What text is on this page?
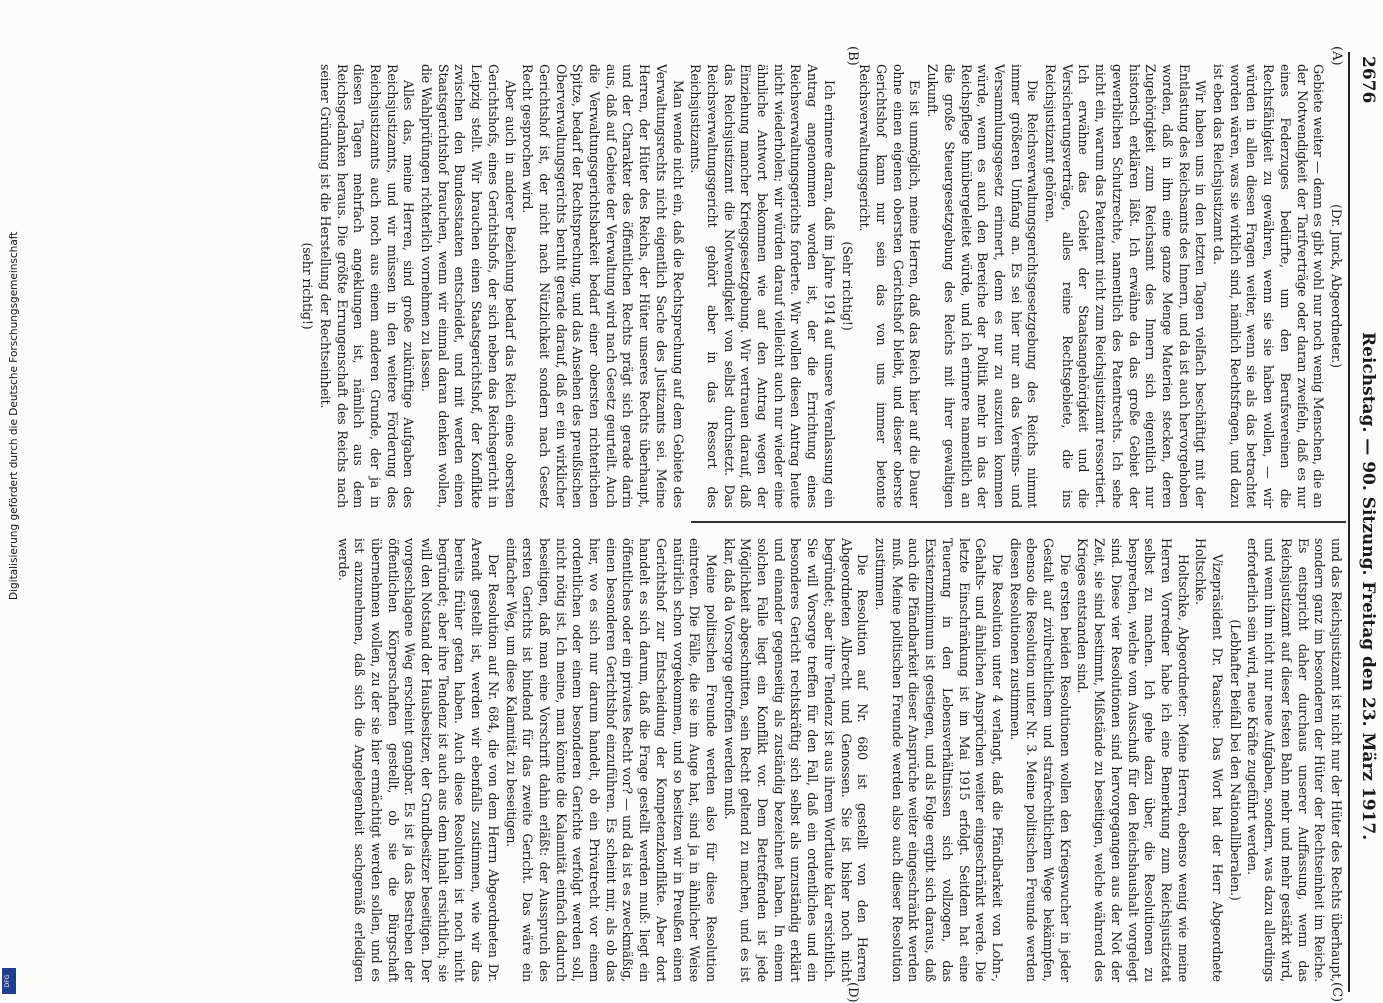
2676
Reichstag. — 90. Sitzung. Freitag den 23. März 1917.
(A)
(B)

(Dr. Junck, Abgeordneter.)

Gebiete weiter — denn es gibt wohl nur noch wenig Menschen, die an der Notwendigkeit der Tarifverträge oder daran zweifeln, daß es nur eines Federzuges bedürfte, um den Berufsvereinen die Rechtsfähigkeit zu gewähren, wenn sie sie haben wollen, — wir würden in allen diesen Fragen weiter, wenn sie als das betrachtet worden wären, was sie wirklich sind, nämlich Rechtsfragen, und dazu ist eben das Reichsjustizamt da.

Wir haben uns in den letzten Tagen vielfach beschäftigt mit der Entlastung des Reichsamts des Innern, und da ist auch hervorgehoben worden, daß in ihm eine ganze Menge Materien stecken, deren Zugehörigkeit zum Reichsamt des Innern sich eigentlich nur historisch erklären läßt. Ich erwähne da das große Gebiet der gewerblichen Schutzrechte, namentlich des Patentrechts. Ich sehe nicht ein, warum das Patentamt nicht zum Reichsjustizamt ressortiert. Ich erwähne das Gebiet der Staatsangehörigkeit und die Versicherungsverträge, alles reine Rechtsgebiete, die ins Reichsjustizamt gehören.

Die Reichsverwaltungsgerichtsgesetzgebung des Reichs nimmt immer größeren Umfang an. Es sei hier nur an das Vereins- und Versammlungsgesetz erinnert, denn es nur zu auszuten kommen würde, wenn es auch den Bereiche der Politik mehr in das der Reichspflege hinübergeleitet würde, und ich erinnere namentlich an die große Steuergesetzgebung des Reichs mit ihrer gewaltigen Zukunft.

Es ist unmöglich, meine Herren, daß das Reich hier auf die Dauer ohne einen eigenen obersten Gerichtshof bleibt, und dieser oberste Gerichtshof kann nur sein das von uns immer betonte Reichsverwaltungsgericht.

(Sehr richtig!)

Ich erinnere daran, daß im Jahre 1914 auf unsere Veranlassung ein Antrag angenommen worden ist, der die Errichtung eines Reichsverwaltungsgerichts forderte. Wir wollen diesen Antrag heute nicht wiederholen; wir würden darauf vielleicht auch nur wieder eine ähnliche Antwort bekommen wie auf den Antrag wegen der Einziehung mancher Kriegsgesetzgebung. Wir vertrauen darauf, daß das Reichsjustizamt die Notwendigkeit von selbst durchsetzt. Das Reichsverwaltungsgericht gehört aber in das Ressort des Reichsjustizamts.

Man wende nicht ein, daß die Rechtsprechung auf dem Gebiete des Verwaltungsrechts nicht eigentlich Sache des Justizamts sei. Meine Herren, der Hüter des Reichs, der Hüter unseres Rechts überhaupt, und der Charakter des öffentlichen Rechts prägt sich gerade darin aus, daß auf Gebiete der Verwaltung wird nach Gesetz geurteilt. Auch die Verwaltungsgerichtsbarkeit bedarf einer obersten richterlichen Spitze, bedarf der Rechtsprechung, und das Ansehen des preußischen Oberverwaltungsgerichts beruht gerade darauf, daß er ein wirklicher Gerichtshof ist, der nicht nach Nützlichkeit sondern nach Gesetz Recht gesprochen wird.

Aber auch in anderer Beziehung bedarf das Reich eines obersten Gerichtshofs, eines Gerichtshofs, der sich neben das Reichsgericht in Leipzig stellt. Wir brauchen einen Staatsgerichtshof, der Konflikte zwischen den Bundesstaaten entscheidet, und mit werden einen Staatsgerichtshof brauchen, wenn wir einmal daran denken wollen, die Wahlprüfungen richterlich vornehmen zu lassen.

Alles das, meine Herren, sind große zukünftige Aufgaben des Reichsjustizamts, und wir müssen in den weitere Förderung des Reichsjustizamts auch noch aus einem anderen Grunde, der ja in diesen Tagen mehrfach angeklungen ist, nämlich aus dem Reichsgedanken heraus. Die größte Errungenschaft des Reichs nach seiner Gründung ist die Herstellung der Rechtseinheit.

(sehr richtig!)

und das Reichsjustizamt ist nicht nur der Hüter des Rechts überhaupt, sondern ganz im besonderen der Hüter der Rechtseinheit im Reiche. Es entspricht daher durchaus unserer Auffassung, wenn das Reichsjustizamt auf dieser festen Bahn mehr und mehr gestärkt wird, und wenn ihm nicht nur neue Aufgaben, sondern, was dazu allerdings erforderlich sein wird, neue Kräfte zugeführt werden.

(Lebhafter Beifall bei den Nationalliberalen.)

Vizepräsident Dr. Paasche: Das Wort hat der Herr Abgeordnete Holtschke.

Holtschke, Abgeordneter: Meine Herren, ebenso wenig wie meine Herren Vorredner habe ich eine Bemerkung zum Reichsjustizetat selbst zu machen. Ich gehe dazu über, die Resolutionen zu besprechen, welche vom Ausschuß für den Reichshaushalt vorgelegt sind. Diese vier Resolutionen sind hervorgegangen aus der Not der Zeit, sie sind bestimmt, Mißstände zu beseitigen, welche während des Krieges entstanden sind.

Die ersten beiden Resolutionen wollen den Kriegswucher in jeder Gestalt auf zivilrechtlichem und strafrechtlichem Wege bekämpfen, ebenso die Resolution unter Nr. 3. Meine politischen Freunde werden diesen Resolutionen zustimmen.

Die Resolution unter 4 verlangt, daß die Pfändbarkeit von Lohn-, Gehalts- und ähnlichen Ansprüchen weiter eingeschränkt werde. Die letzte Einschränkung ist im Mai 1915 erfolgt. Seitdem hat eine Teuerung in den Lebensverhältnissen sich vollzogen, das Existenzminimum ist gestiegen, und als Folge ergibt sich daraus, daß auch die Pfändbarkeit dieser Ansprüche weiter eingeschränkt werden muß. Meine politischen Freunde werden also auch dieser Resolution zustimmen.

Die Resolution auf Nr. 680 ist gestellt von den Herren Abgeordneten Albrecht und Genossen. Sie ist bisher noch nicht begründet; aber ihre Tendenz ist aus ihrem Wortlaute klar ersichtlich. Sie will Vorsorge treffen für den Fall, daß ein ordentliches und ein besonderes Gericht rechtskräftig sich selbst als unzuständig erklärt und einander gegenseitig als zuständig bezeichnet haben. In einem solchen Falle liegt ein Konflikt vor. Dem Betreffenden ist jede Möglichkeit abgeschnitten, sein Recht geltend zu machen, und es ist klar, daß da Vorsorge getroffen werden muß.

Meine politischen Freunde werden also für diese Resolution eintreten. Die Fälle, die sie im Auge hat, sind ja in ähnlicher Weise natürlich schon vorgekommen, und so besitzen wir in Preußen einen Gerichtshof zur Entscheidung der Kompetenzkonflikte. Aber dort handelt es sich darum, daß die Frage gestellt werden muß: liegt ein öffentliches oder ein privates Recht vor? — und da ist es zweckmäßig, einen besonderen Gerichtshof einzuführen. Es scheint mir, als ob das hier, wo es sich nur darum handelt, ob ein Privatrecht vor einem ordentlichen oder einem besonderen Gerichte verfolgt werden soll, nicht nötig ist. Ich meine, man könnte die Kalamität einfach dadurch beseitigen, daß man eine Vorschrift dahin erläßt: der Ausspruch des ersten Gerichts ist bindend für das zweite Gericht. Das wäre ein einfacher Weg, um diese Kalamität zu beseitigen.

Der Resolution auf Nr. 684, die von dem Herrn Abgeordneten Dr. Arendt gestellt ist, werden wir ebenfalls zustimmen, wie wir das bereits früher getan haben. Auch diese Resolution ist noch nicht begründet; aber ihre Tendenz ist auch aus dem Inhalt ersichtlich; sie will den Notstand der Hausbesitzer, der Grundbesitzer beseitigen. Der vorgeschlagene Weg erscheint gangbar. Es ist ja das Bestreben der öffentlichen Körperschaften gestellt, ob sie die Bürgschaft übernehmen wollen, zu der sie hier ermächtigt werden sollen, und es ist anzunehmen, daß sich die Angelegenheit sachgemäß erledigen werde.

(C)
(D)
Digitalisierung gefördert durch die Deutsche Forschungsgemeinschaft
DFG
